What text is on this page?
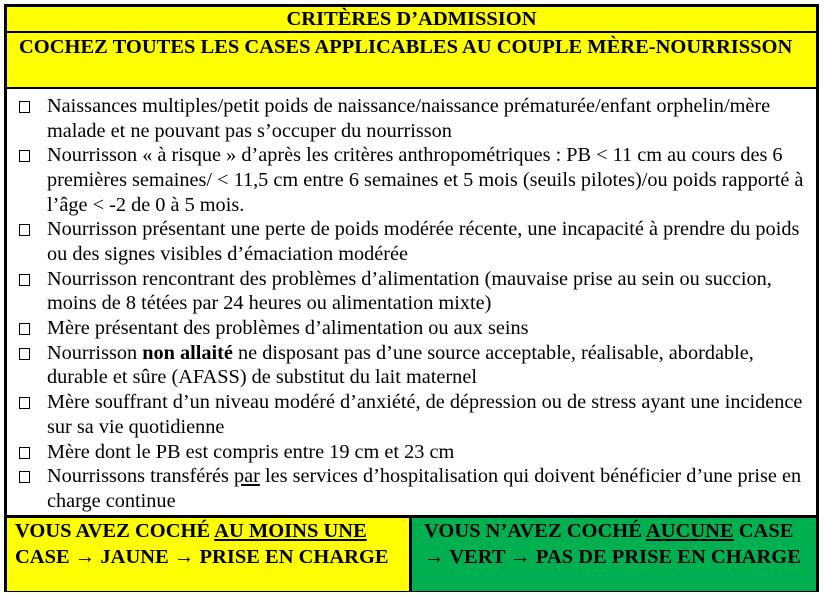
CRITÈRES D’ADMISSION
COCHEZ TOUTES LES CASES APPLICABLES AU COUPLE MÈRE-NOURRISSON
Naissances multiples/petit poids de naissance/naissance prématurée/enfant orphelin/mère malade et ne pouvant pas s’occuper du nourrisson
Nourrisson « à risque » d’après les critères anthropométriques : PB < 11 cm au cours des 6 premières semaines/ < 11,5 cm entre 6 semaines et 5 mois (seuils pilotes)/ou poids rapporté à l’âge < -2 de 0 à 5 mois.
Nourrisson présentant une perte de poids modérée récente, une incapacité à prendre du poids ou des signes visibles d’émaciation modérée
Nourrisson rencontrant des problèmes d’alimentation (mauvaise prise au sein ou succion, moins de 8 tétées par 24 heures ou alimentation mixte)
Mère présentant des problèmes d’alimentation ou aux seins
Nourrisson non allaité ne disposant pas d’une source acceptable, réalisable, abordable, durable et sûre (AFASS) de substitut du lait maternel
Mère souffrant d’un niveau modéré d’anxiété, de dépression ou de stress ayant une incidence sur sa vie quotidienne
Mère dont le PB est compris entre 19 cm et 23 cm
Nourrissons transférés par les services d’hospitalisation qui doivent bénéficier d’une prise en charge continue
VOUS AVEZ COCHÉ AU MOINS UNE CASE → JAUNE → PRISE EN CHARGE
VOUS N’AVEZ COCHÉ AUCUNE CASE → VERT → PAS DE PRISE EN CHARGE
